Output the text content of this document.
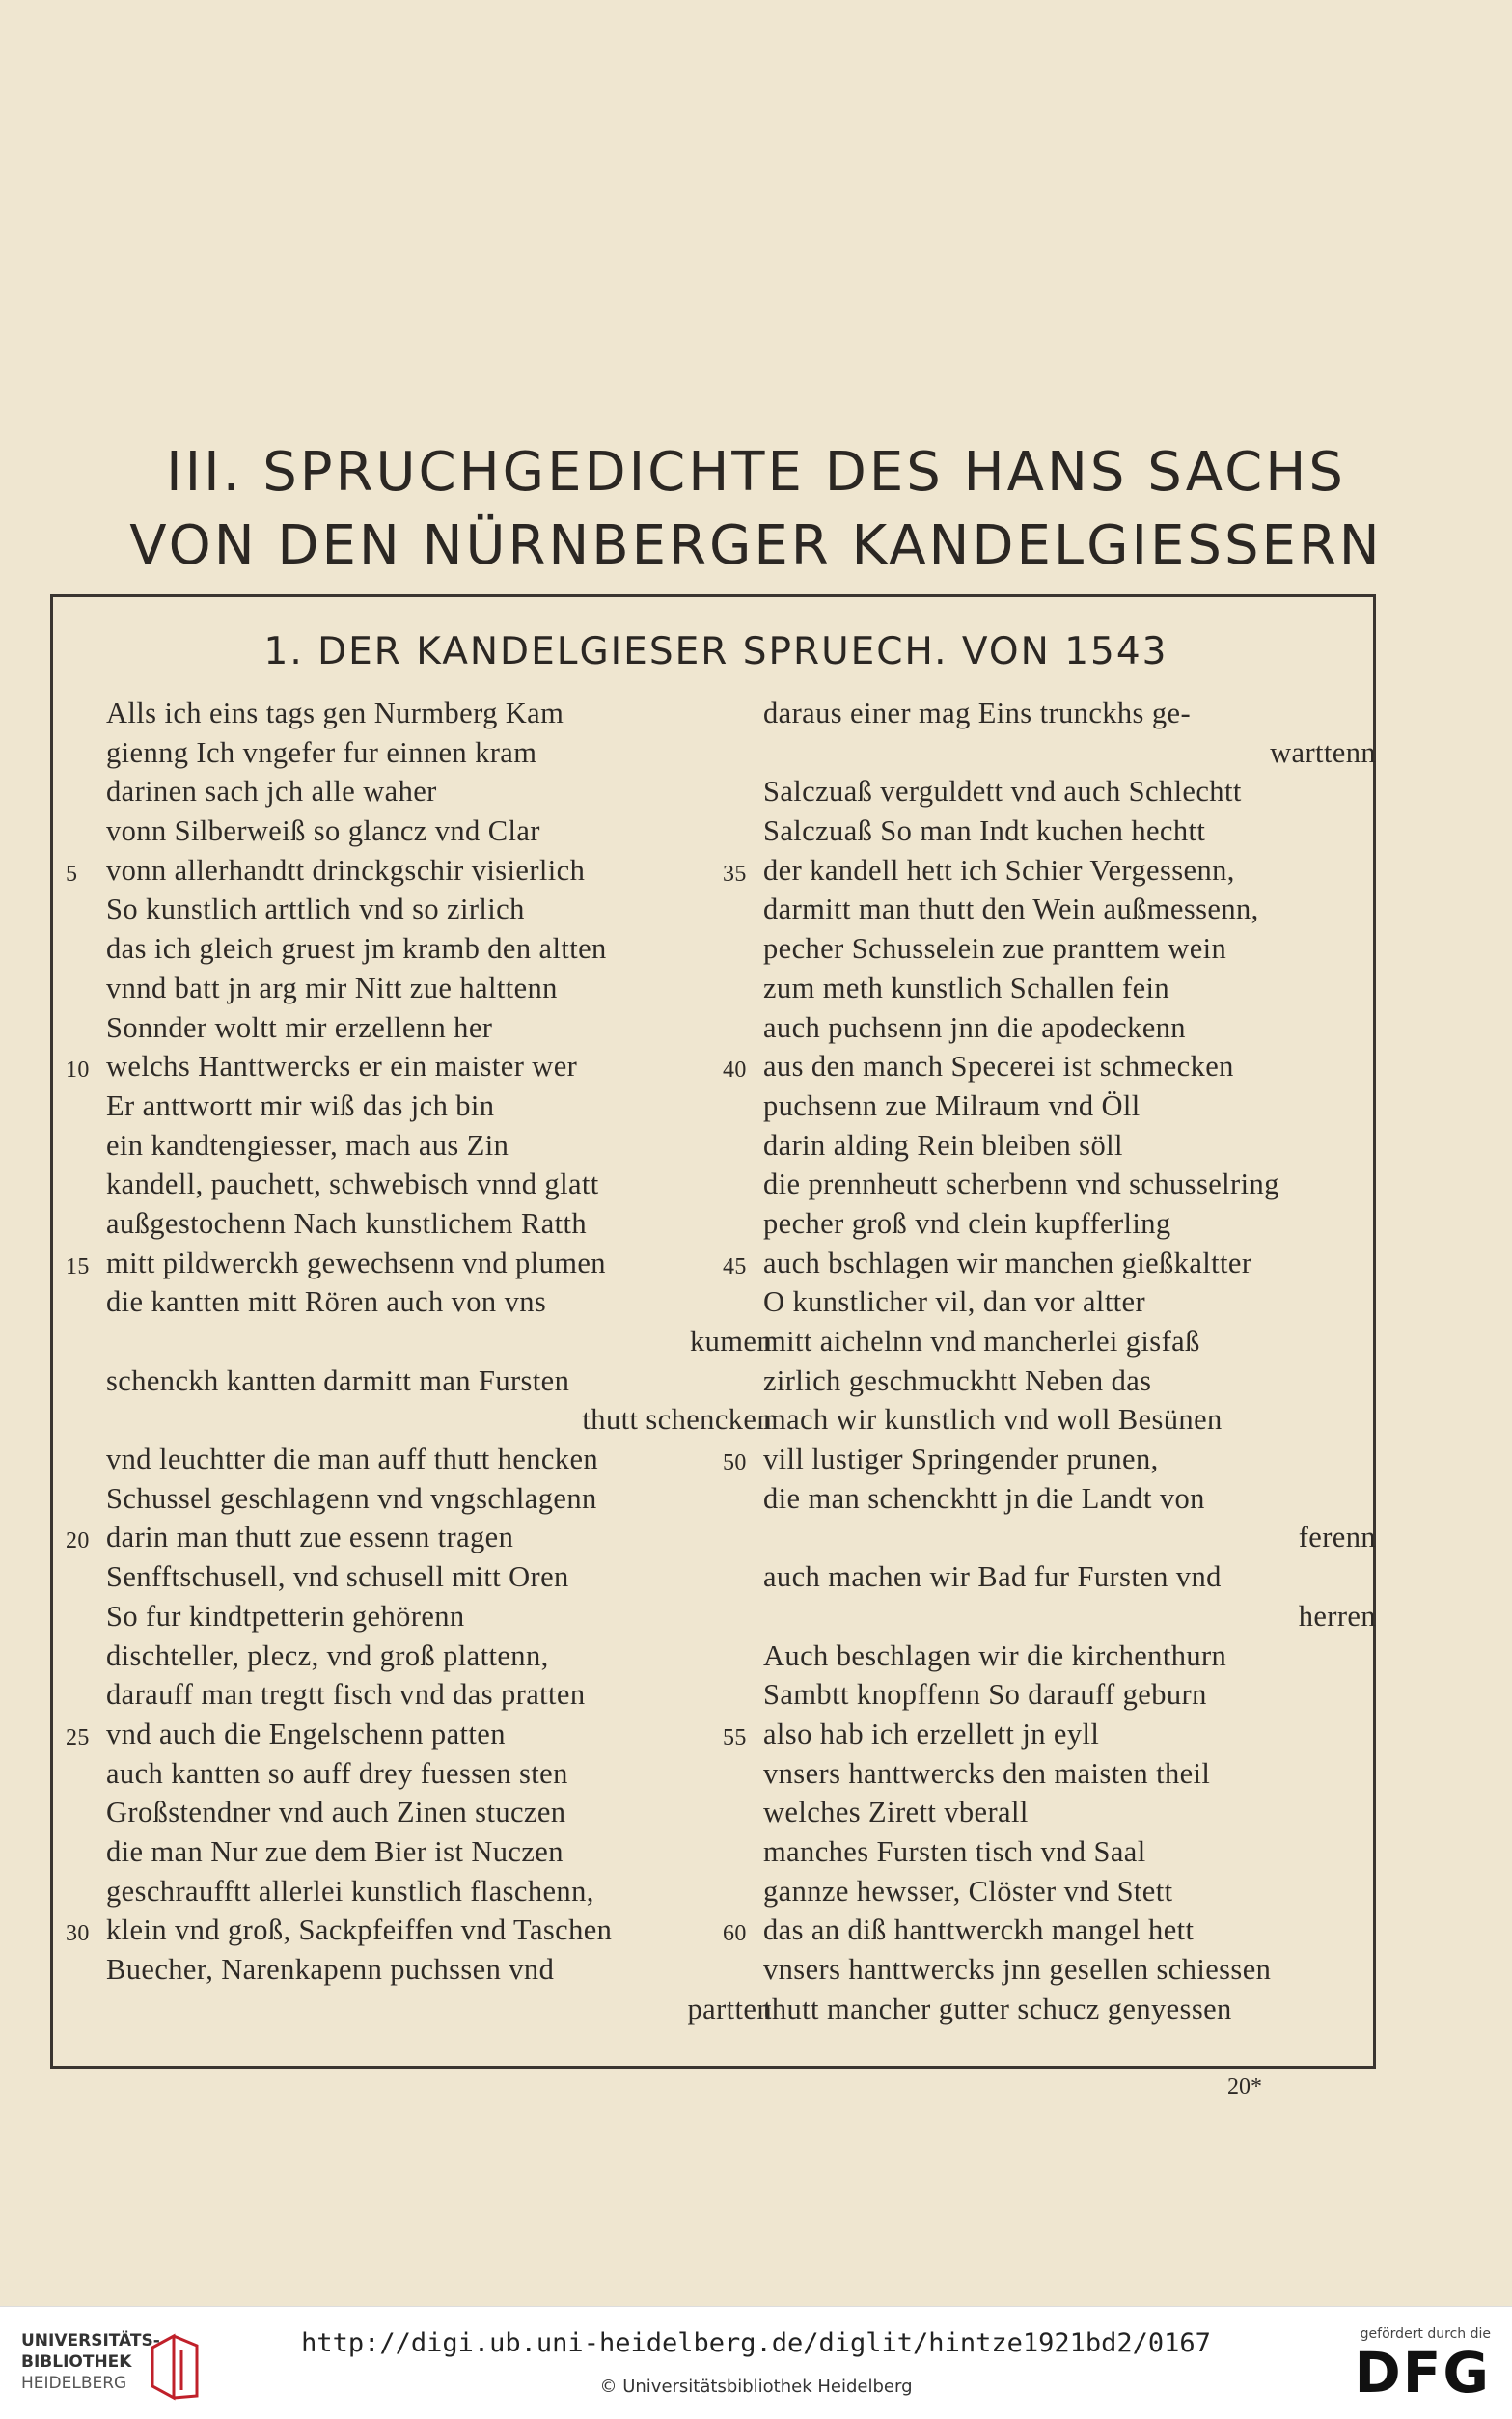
III. SPRUCHGEDICHTE DES HANS SACHS
VON DEN NÜRNBERGER KANDELGIESSERN
1. DER KANDELGIESER SPRUECH. VON 1543
Alls ich eins tags gen Nurmberg Kam
gienng Ich vngefer fur einnen kram
darinen sach jch alle waher
vonn Silberweiß so glancz vnd Clar
5 vonn allerhandtt drinckgschir visierlich
So kunstlich arttlich vnd so zirlich
das ich gleich gruest jm kramb den altten
vnnd batt jn arg mir Nitt zue halttenn
Sonnder woltt mir erzellenn her
10 welchs Hanttwercks er ein maister wer
Er anttwortt mir wiß das jch bin
ein kandtengiesser, mach aus Zin
kandell, pauchett, schwebisch vnnd glatt
außgestochenn Nach kunstlichem Ratth
15 mitt pildwerckh gewechsenn vnd plumen
die kantten mitt Rören auch von vns
kumen
schenckh kantten darmitt man Fursten
thutt schencken
vnd leuchtter die man auff thutt hencken
Schussel geschlagenn vnd vngschlagenn
20 darin man thutt zue essenn tragen
Senfftschusell, vnd schusell mitt Oren
So fur kindtpetterin gehörenn
dischteller, plecz, vnd groß plattenn,
darauff man tregtt fisch vnd das pratten
25 vnd auch die Engelschenn patten
auch kantten so auff drey fuessen sten
Großstendner vnd auch Zinen stuczen
die man Nur zue dem Bier ist Nuczen
geschraufftt allerlei kunstlich flaschenn,
30 klein vnd groß, Sackpfeiffen vnd Taschen
Buecher, Narenkapenn puchssen vnd
partten
daraus einer mag Eins trunckhs ge-
warttenn
Salczuaß verguldett vnd auch Schlechtt
Salczuaß So man Indt kuchen hechtt
35 der kandell hett ich Schier Vergessenn,
darmitt man thutt den Wein außmessenn,
pecher Schusselein zue pranttem wein
zum meth kunstlich Schallen fein
auch puchsenn jnn die apodeckenn
40 aus den manch Specerei ist schmecken
puchsenn zue Milraum vnd Öll
darin alding Rein bleiben söll
die prennheutt scherbenn vnd schusselring
pecher groß vnd clein kupfferling
45 auch bschlagen wir manchen gießkaltter
O kunstlicher vil, dan vor altter
mitt aichelnn vnd mancherlei gisfaß
zirlich geschmuckhtt Neben das
mach wir kunstlich vnd woll Besünen
50 vill lustiger Springender prunen,
die man schenckhtt jn die Landt von
ferenn
auch machen wir Bad fur Fursten vnd
herren
Auch beschlagen wir die kirchenthurn
Sambtt knopffenn So darauff geburn
55 also hab ich erzellett jn eyll
vnsers hanttwercks den maisten theil
welches Zirett vberall
manches Fursten tisch vnd Saal
gannze hewsser, Clöster vnd Stett
60 das an diß hanttwerckh mangel hett
vnsers hanttwercks jnn gesellen schiessen
thutt mancher gutter schucz genyessen
20*
UNIVERSITÄTS-
BIBLIOTHEK
HEIDELBERG
http://digi.ub.uni-heidelberg.de/diglit/hintze1921bd2/0167
© Universitätsbibliothek Heidelberg
gefördert durch die
DFG
